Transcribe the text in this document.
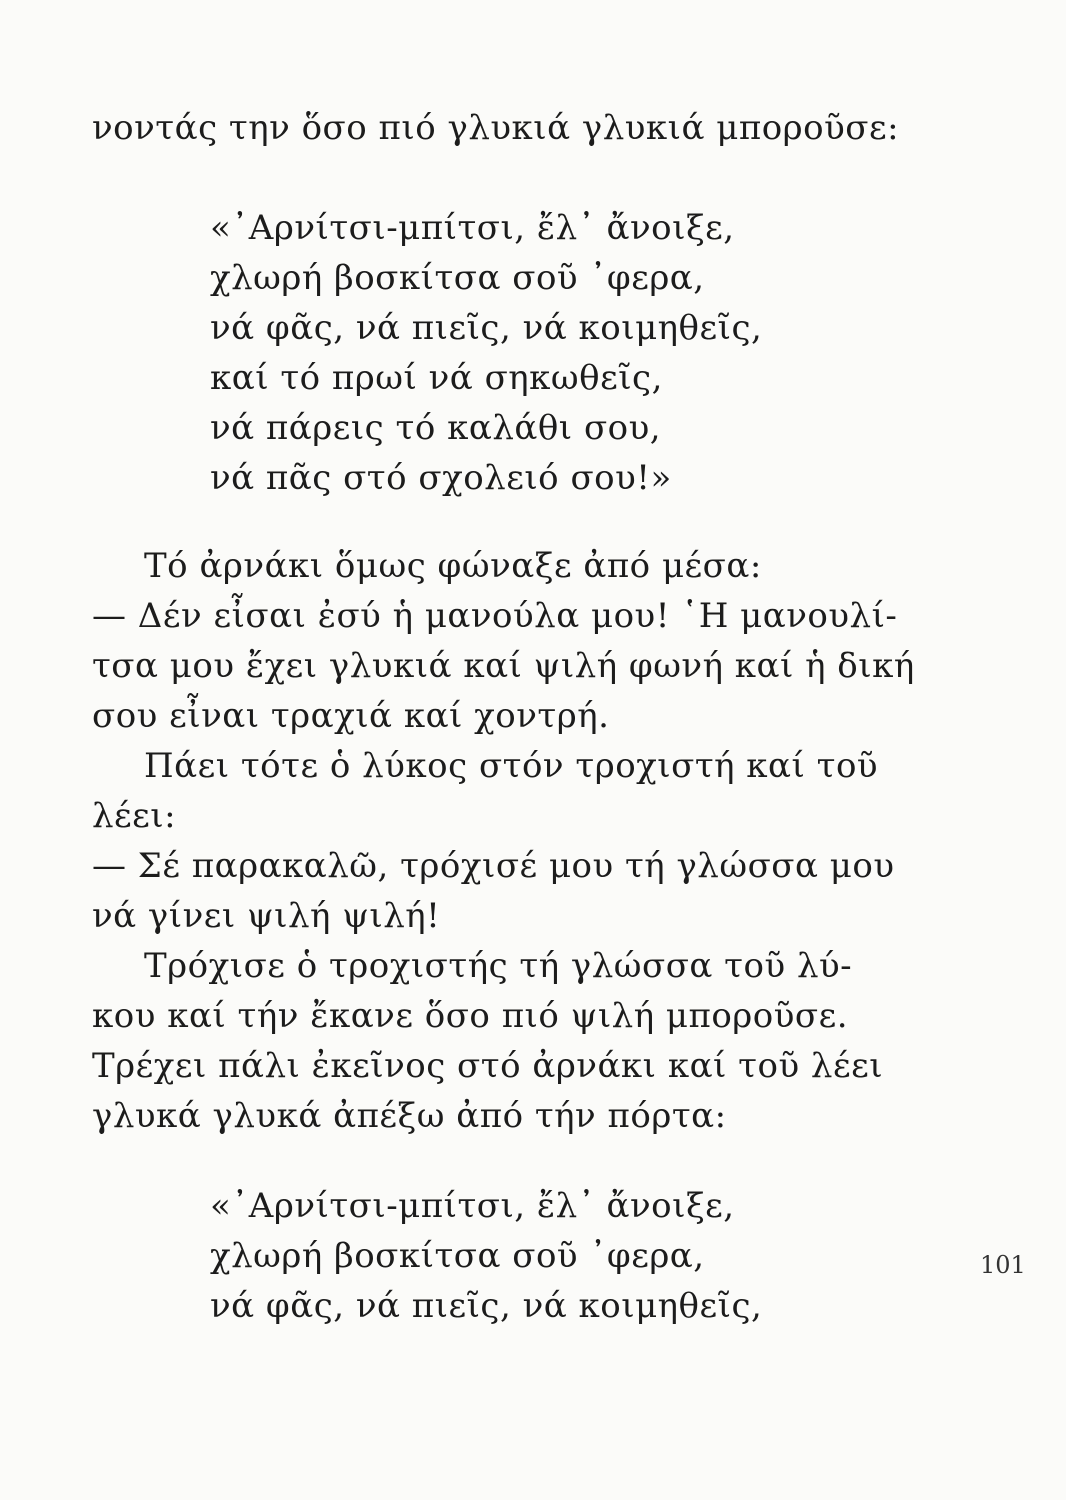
νοντάς την ὅσο πιό γλυκιά γλυκιά μποροῦσε:
«᾿Αρνίτσι-μπίτσι, ἔλ᾿ ἄνοιξε,
χλωρή βοσκίτσα σοῦ ᾿φερα,
νά φᾶς, νά πιεῖς, νά κοιμηθεῖς,
καί τό πρωί νά σηκωθεῖς,
νά πάρεις τό καλάθι σου,
νά πᾶς στό σχολειό σου!»
Τό ἀρνάκι ὅμως φώναξε ἀπό μέσα:
— Δέν εἶσαι ἐσύ ἡ μανούλα μου! ῾Η μανουλί-
τσα μου ἔχει γλυκιά καί ψιλή φωνή καί ἡ δική
σου εἶναι τραχιά καί χοντρή.
Πάει τότε ὁ λύκος στόν τροχιστή καί τοῦ
λέει:
— Σέ παρακαλῶ, τρόχισέ μου τή γλώσσα μου
νά γίνει ψιλή ψιλή!
Τρόχισε ὁ τροχιστής τή γλώσσα τοῦ λύ-
κου καί τήν ἔκανε ὅσο πιό ψιλή μποροῦσε.
Τρέχει πάλι ἐκεῖνος στό ἀρνάκι καί τοῦ λέει
γλυκά γλυκά ἀπέξω ἀπό τήν πόρτα:
«᾿Αρνίτσι-μπίτσι, ἔλ᾿ ἄνοιξε,
χλωρή βοσκίτσα σοῦ ᾿φερα,
νά φᾶς, νά πιεῖς, νά κοιμηθεῖς,
101
